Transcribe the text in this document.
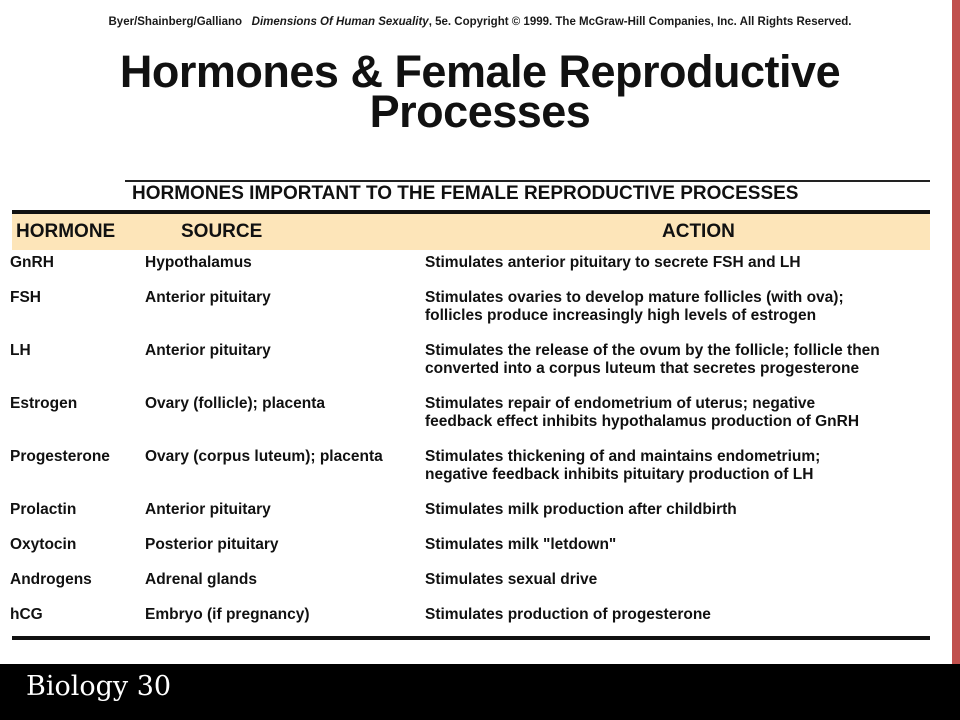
Byer/Shainberg/Galliano Dimensions Of Human Sexuality, 5e. Copyright © 1999. The McGraw-Hill Companies, Inc. All Rights Reserved.
Hormones & Female Reproductive
Processes
HORMONES IMPORTANT TO THE FEMALE REPRODUCTIVE PROCESSES
HORMONE	SOURCE	ACTION
GnRH	Hypothalamus	Stimulates anterior pituitary to secrete FSH and LH
FSH	Anterior pituitary	Stimulates ovaries to develop mature follicles (with ova);
follicles produce increasingly high levels of estrogen
LH	Anterior pituitary	Stimulates the release of the ovum by the follicle; follicle then
converted into a corpus luteum that secretes progesterone
Estrogen	Ovary (follicle); placenta	Stimulates repair of endometrium of uterus; negative
feedback effect inhibits hypothalamus production of GnRH
Progesterone Ovary (corpus luteum); placenta	Stimulates thickening of and maintains endometrium;
negative feedback inhibits pituitary production of LH
Prolactin	Anterior pituitary	Stimulates milk production after childbirth
Oxytocin	Posterior pituitary	Stimulates milk "letdown"
Androgens	Adrenal glands	Stimulates sexual drive
hCG	Embryo (if pregnancy)	Stimulates production of progesterone
Biology 30
